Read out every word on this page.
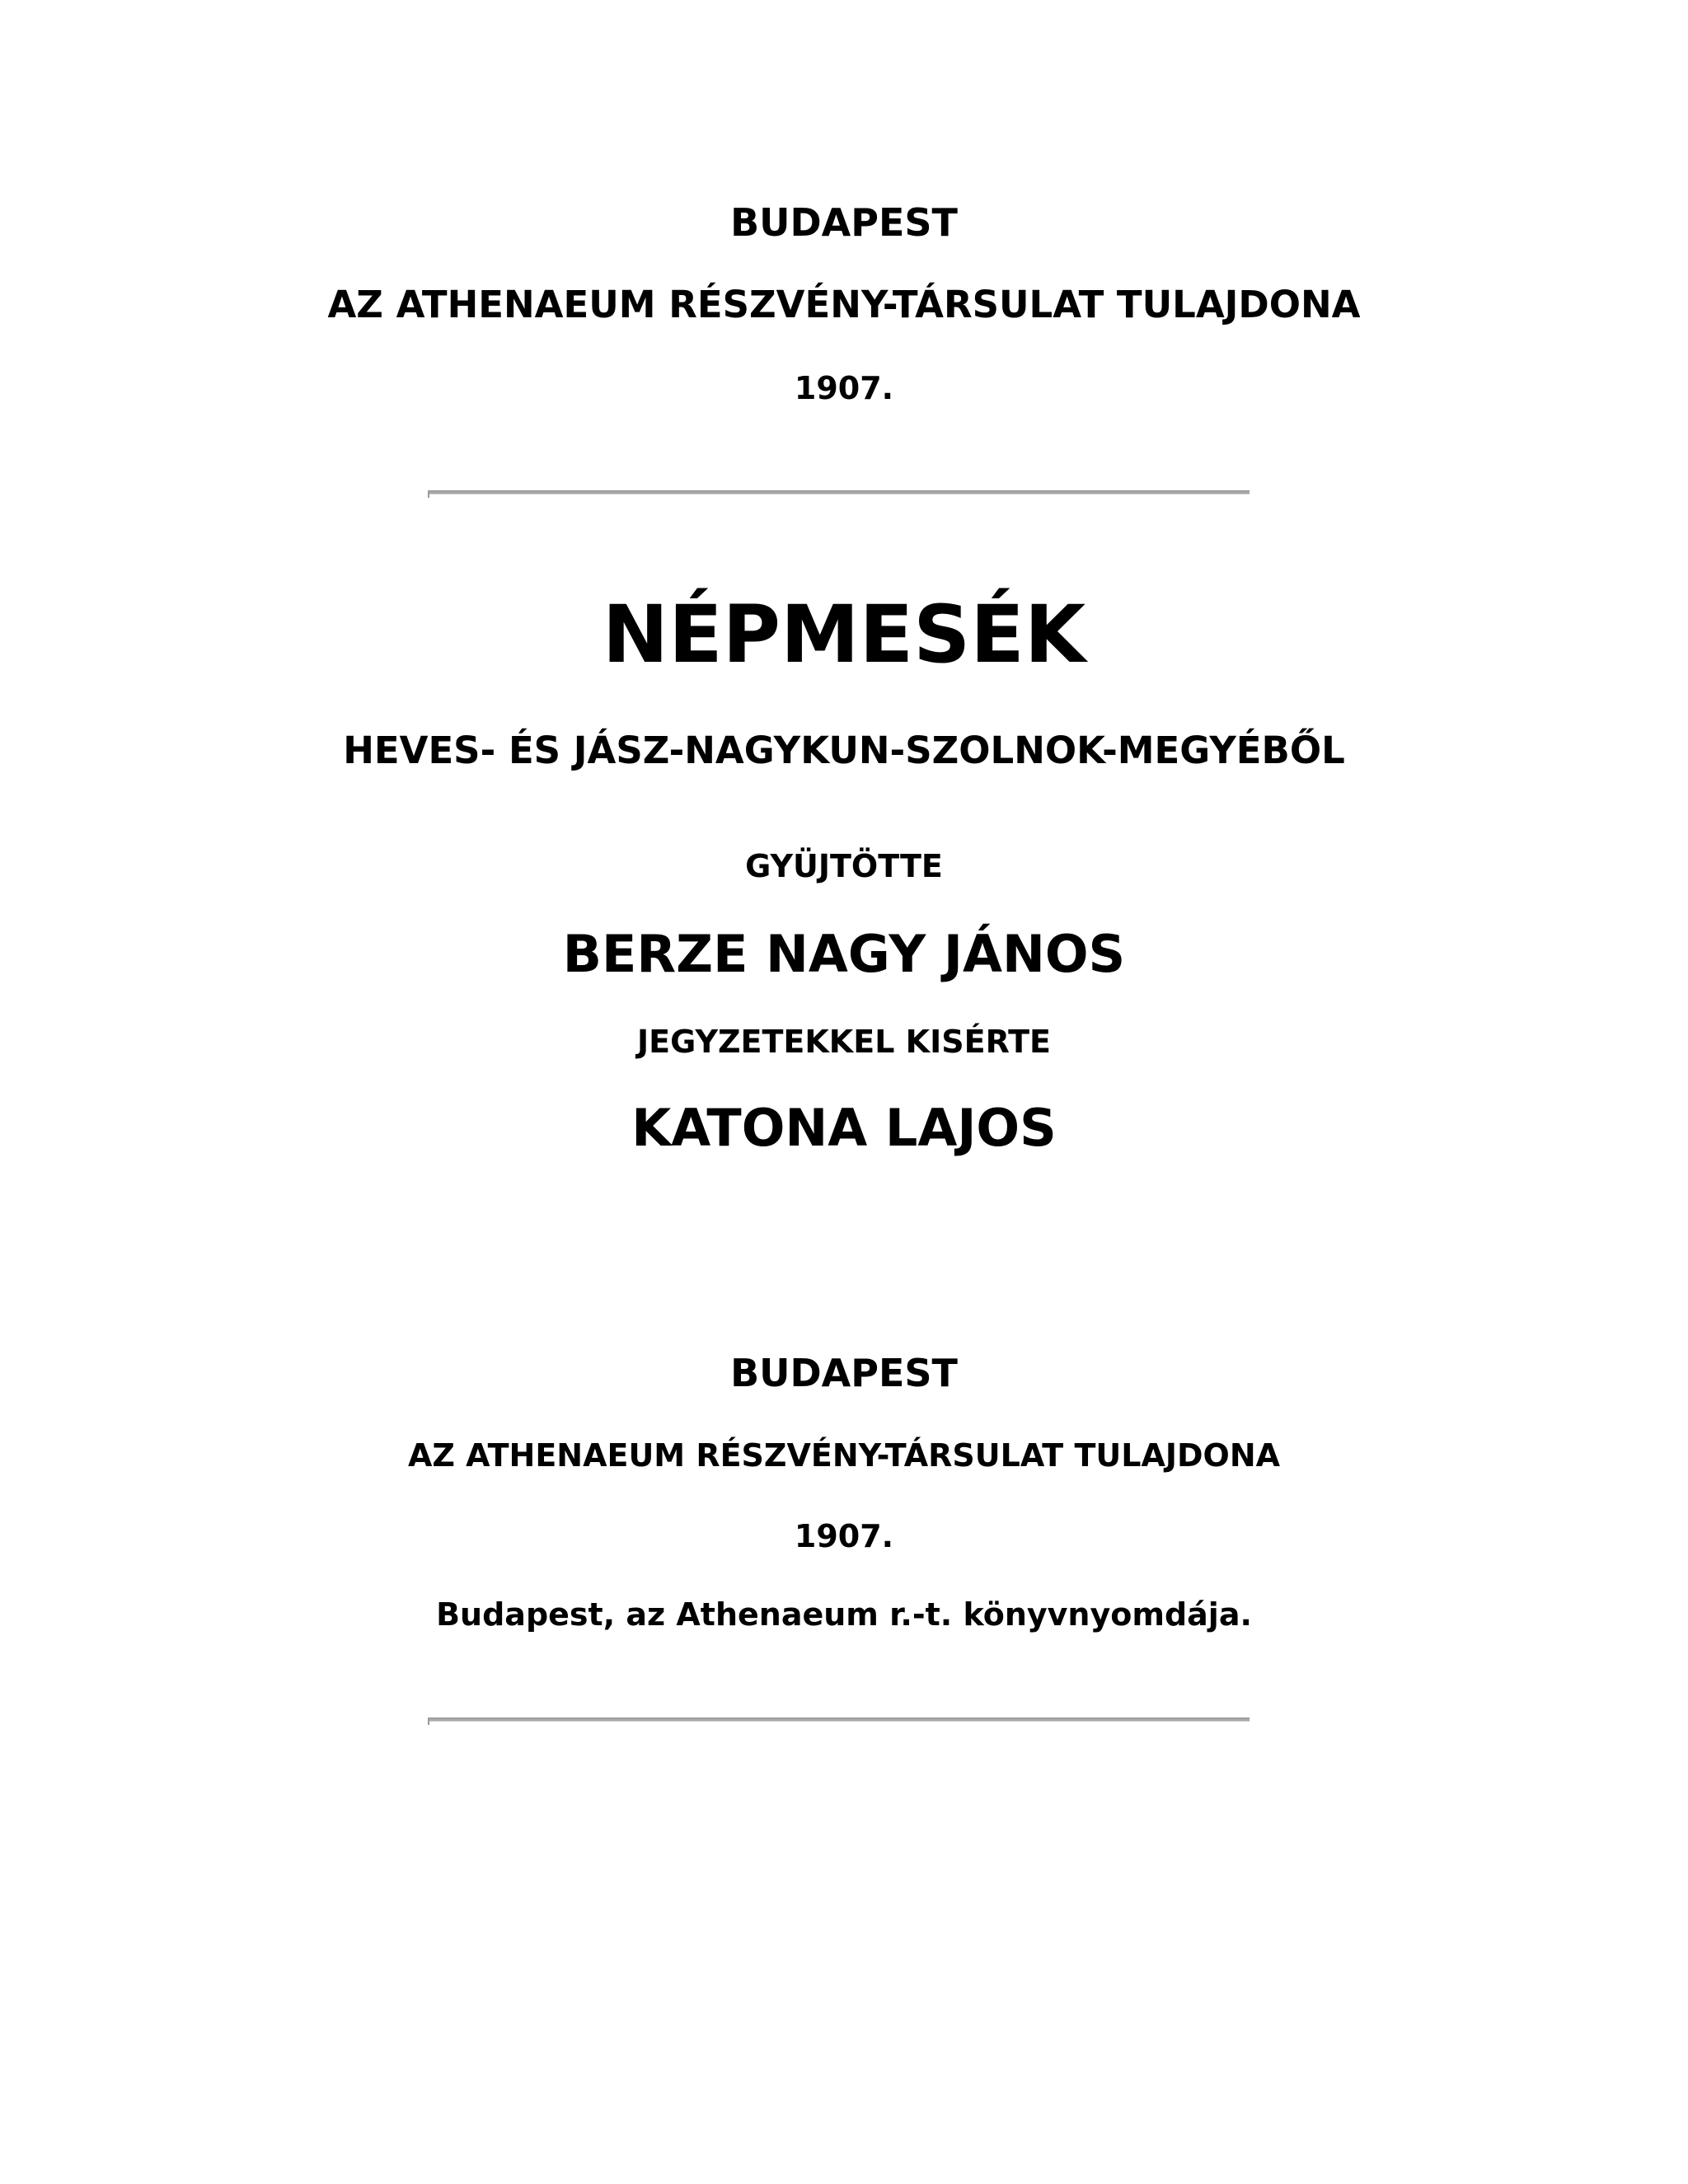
BUDAPEST
AZ ATHENAEUM RÉSZVÉNY-TÁRSULAT TULAJDONA
1907.
NÉPMESÉK
HEVES- ÉS JÁSZ-NAGYKUN-SZOLNOK-MEGYÉBŐL
GYÜJTÖTTE
BERZE NAGY JÁNOS
JEGYZETEKKEL KISÉRTE
KATONA LAJOS
BUDAPEST
AZ ATHENAEUM RÉSZVÉNY-TÁRSULAT TULAJDONA
1907.
Budapest, az Athenaeum r.-t. könyvnyomdája.
